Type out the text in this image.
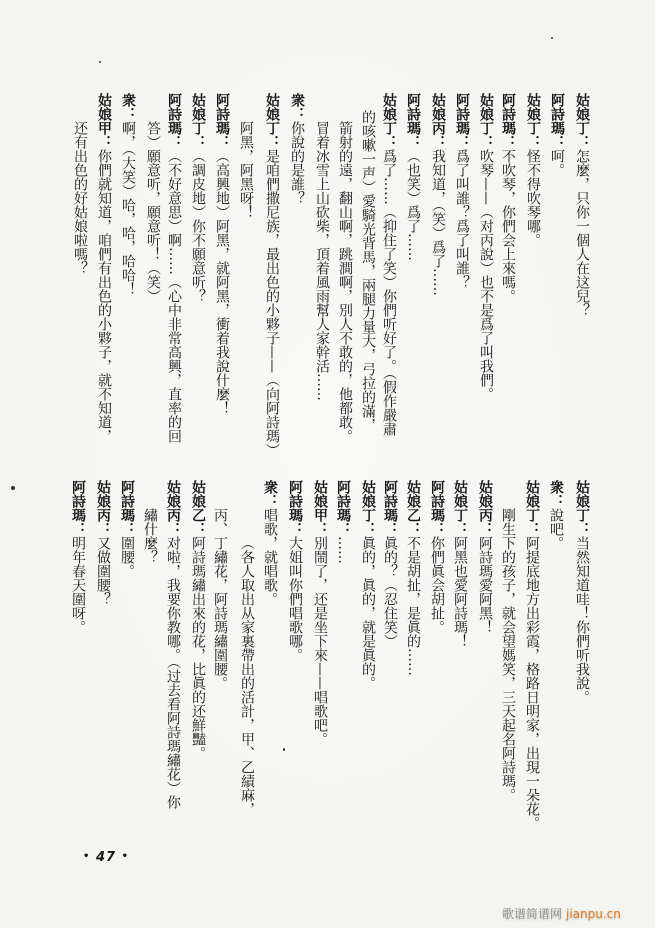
姑娘丁：怎麼，只你一個人在这兒？
阿詩瑪：呵。
姑娘丁：怪不得吹琴哪。
阿詩瑪：不吹琴，你們会上來嗎。
姑娘丁：吹琴——（对丙說）也不是爲了叫我們。
阿詩瑪：爲了叫誰？爲了叫誰？
姑娘丙：我知道，（笑）爲了……
阿詩瑪：（也笑）爲了……
姑娘丁：爲了……（抑住了笑）你們听好了。（假作嚴肅
的咳嗽一声）愛騎光背馬，兩腿力量大，弓拉的滿，
箭射的遠，翻山啊，跳澗啊，別人不敢的，他都敢。
冒着冰雪上山砍柴，頂着風雨幫人家幹活……
衆：你說的是誰？
姑娘丁：是咱們撒尼族，最出色的小夥子——（向阿詩瑪）
阿黑，阿黑呀！
阿詩瑪：（高興地）阿黑，就阿黑，衝着我說什麼！
姑娘丁：（調皮地）你不願意听？
阿詩瑪：（不好意思）啊……（心中非常高興，直率的回
答）願意听，願意听！（笑）
衆：啊，（大笑）哈，哈，哈哈！
姑娘甲：你們就知道，咱們有出色的小夥子，就不知道，
还有出色的好姑娘啦嗎？
姑娘丁：当然知道哇！你們听我說。
衆：說吧。
姑娘丁：阿提底地方出彩霞，格路日明家，出現一朵花。
剛生下的孩子，就会望媽笑，三天起名阿詩瑪。
姑娘丙：阿詩瑪愛阿黑！
姑娘丁：阿黑也愛阿詩瑪！
阿詩瑪：你們眞会胡扯。
姑娘乙：不是胡扯，是眞的……
阿詩瑪：眞的？（忍住笑）
姑娘丁：眞的，眞的，就是眞的。
阿詩瑪：……
姑娘甲：別鬧了，还是坐下來——唱歌吧。
阿詩瑪：大姐叫你們唱歌哪。
衆：唱歌，就唱歌。
（各人取出从家裏帶出的活計，甲、乙績麻，
丙、丁繡花，阿詩瑪繡圍腰。
姑娘乙：阿詩瑪繡出來的花，比眞的还鮮豔。
姑娘丙：对啦，我要你教哪。（过去看阿詩瑪繡花）你
繡什麼？
阿詩瑪：圍腰。
姑娘丙：又做圍腰？
阿詩瑪：明年春天圍呀。
• 47 •
歌谱简谱网 jianpu.cn
